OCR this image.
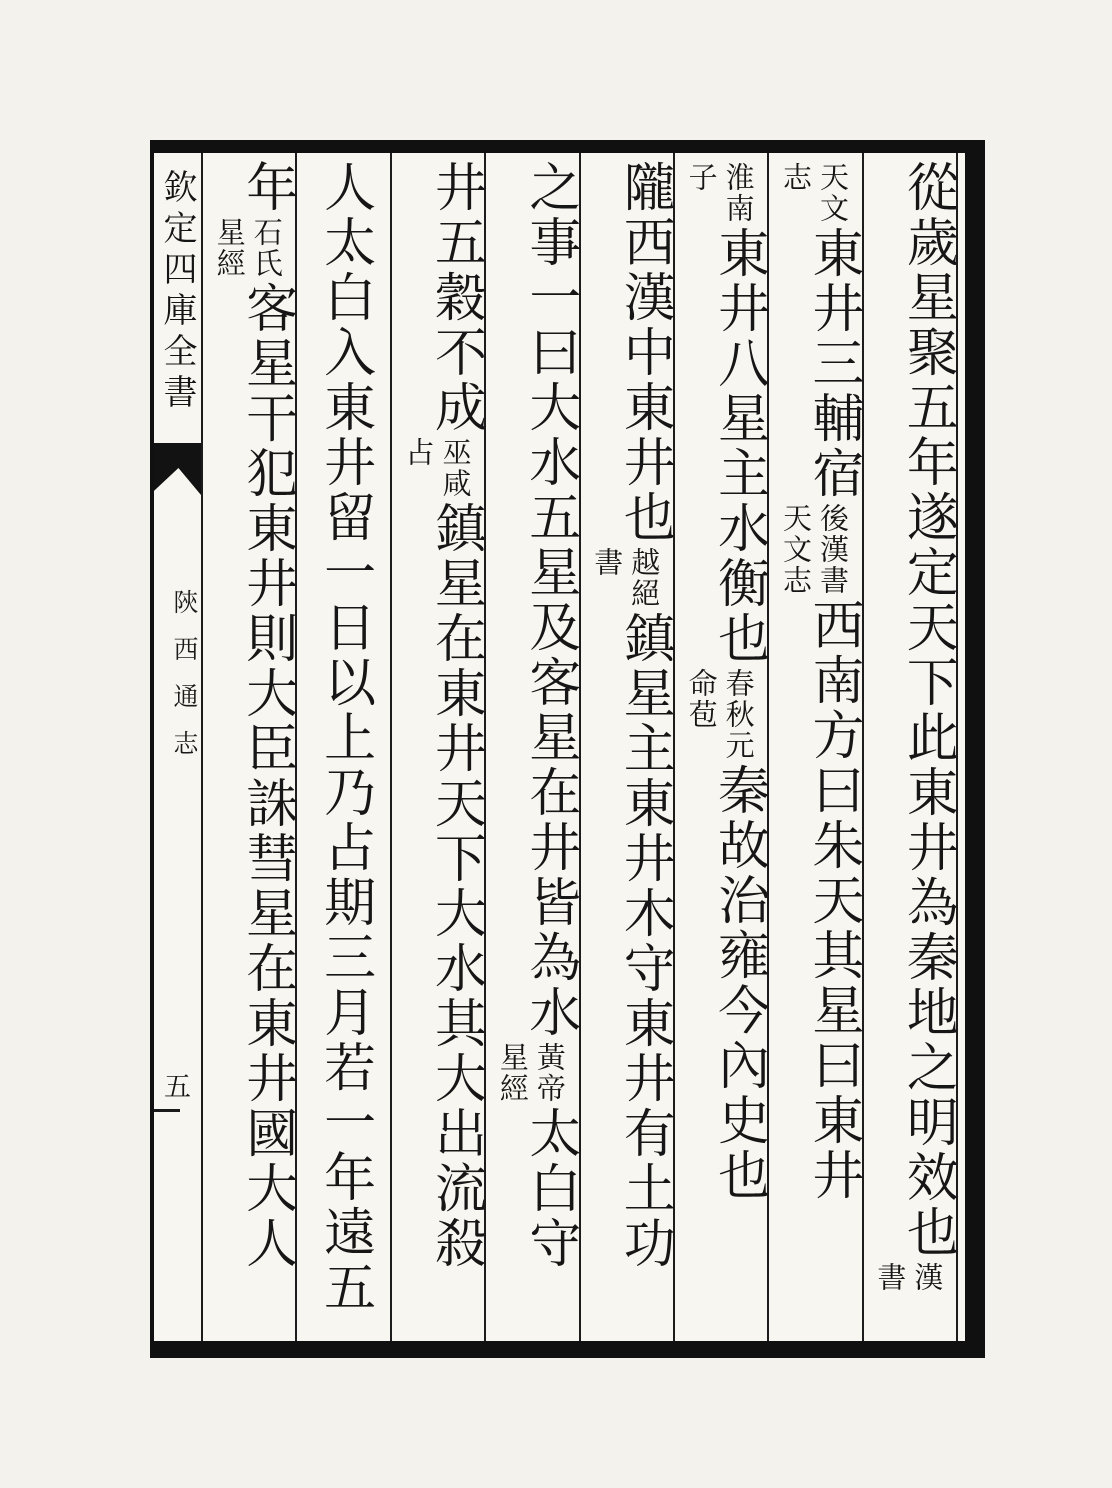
從歲星聚五年遂定天下此東井為秦地之明效也
漢
書
天文
志
東井三輔宿
後漢書
天文志
西南方曰朱天其星曰東井
淮南
子
東井八星主水衡也
春秋元
命苞
秦故治雍今內史也
隴西漢中東井也
越絕
書
鎮星主東井木守東井有土功
之事一曰大水五星及客星在井皆為水
黃帝
星經
太白守
井五穀不成
巫咸
占
鎮星在東井天下大水其大出流殺
人太白入東井留一日以上乃占期三月若一年遠五
年
石氏
星經
客星干犯東井則大臣誅彗星在東井國大人
欽定四庫全書
陝西通志
五
